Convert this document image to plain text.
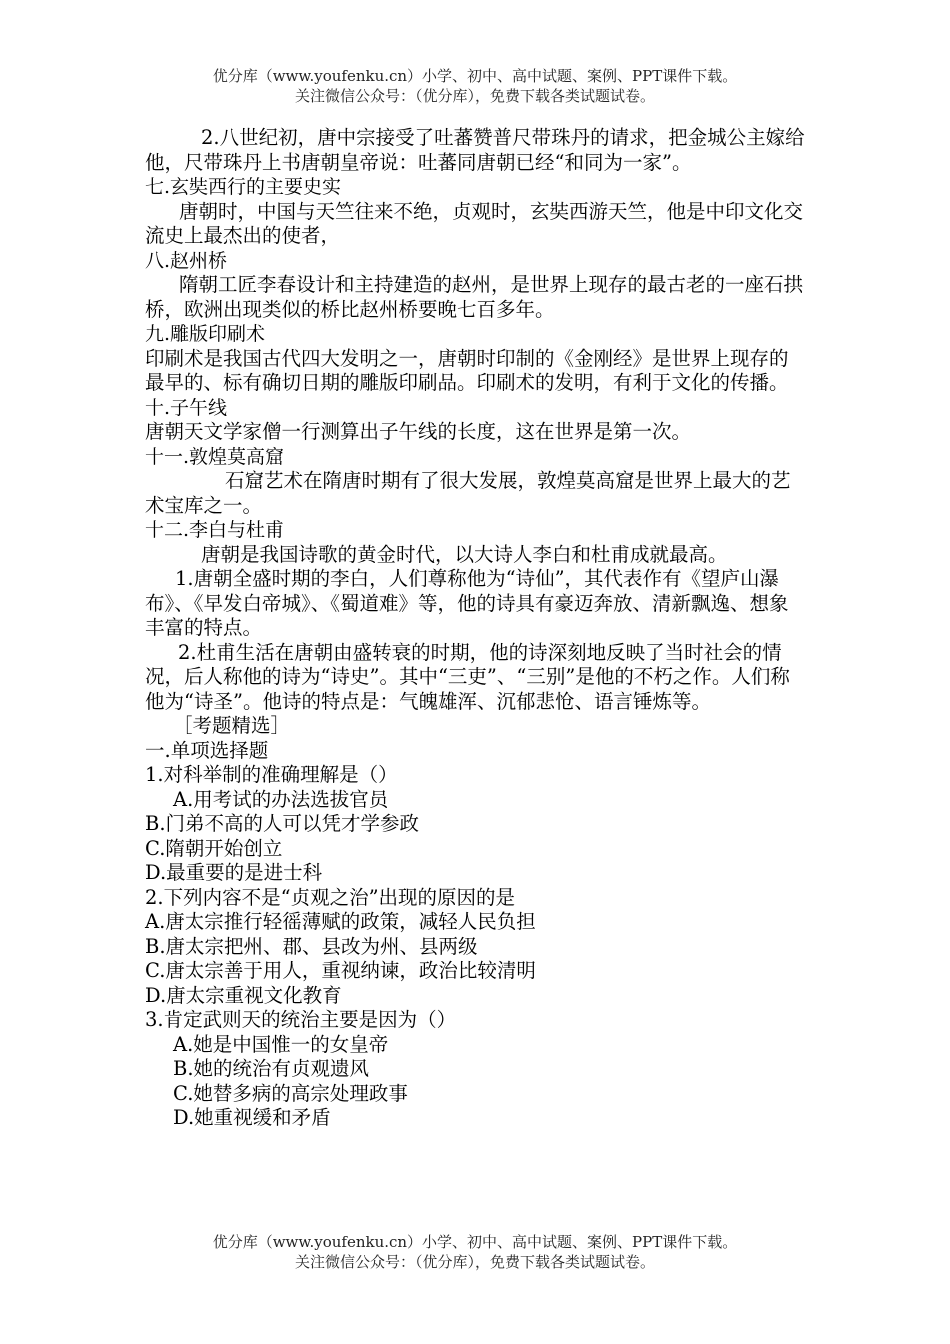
优分库（www.youfenku.cn）小学、初中、高中试题、案例、PPT课件下载。
关注微信公众号：（优分库），免费下载各类试题试卷。

2.八世纪初，唐中宗接受了吐蕃赞普尺带珠丹的请求，把金城公主嫁给他，尺带珠丹上书唐朝皇帝说：吐蕃同唐朝已经“和同为一家”。

七.玄奘西行的主要史实

唐朝时，中国与天竺往来不绝，贞观时，玄奘西游天竺，他是中印文化交流史上最杰出的使者，

八.赵州桥

隋朝工匠李春设计和主持建造的赵州，是世界上现存的最古老的一座石拱桥，欧洲出现类似的桥比赵州桥要晚七百多年。

九.雕版印刷术

印刷术是我国古代四大发明之一，唐朝时印制的《金刚经》是世界上现存的最早的、标有确切日期的雕版印刷品。印刷术的发明，有利于文化的传播。

十.子午线

唐朝天文学家僧一行测算出子午线的长度，这在世界是第一次。

十一.敦煌莫高窟

石窟艺术在隋唐时期有了很大发展，敦煌莫高窟是世界上最大的艺术宝库之一。

十二.李白与杜甫

唐朝是我国诗歌的黄金时代，以大诗人李白和杜甫成就最高。

1.唐朝全盛时期的李白，人们尊称他为“诗仙”，其代表作有《望庐山瀑布》、《早发白帝城》、《蜀道难》等，他的诗具有豪迈奔放、清新飘逸、想象丰富的特点。

2.杜甫生活在唐朝由盛转衰的时期，他的诗深刻地反映了当时社会的情况，后人称他的诗为“诗史”。其中“三吏”、“三别”是他的不朽之作。人们称他为“诗圣”。他诗的特点是：气魄雄浑、沉郁悲怆、语言锤炼等。

［考题精选］

一.单项选择题

1.对科举制的准确理解是（）

A.用考试的办法选拔官员

B.门弟不高的人可以凭才学参政

C.隋朝开始创立

D.最重要的是进士科

2.下列内容不是“贞观之治”出现的原因的是

A.唐太宗推行轻徭薄赋的政策，减轻人民负担

B.唐太宗把州、郡、县改为州、县两级

C.唐太宗善于用人，重视纳谏，政治比较清明

D.唐太宗重视文化教育

3.肯定武则天的统治主要是因为（）

A.她是中国惟一的女皇帝

B.她的统治有贞观遗风

C.她替多病的高宗处理政事

D.她重视缓和矛盾

优分库（www.youfenku.cn）小学、初中、高中试题、案例、PPT课件下载。
关注微信公众号：（优分库），免费下载各类试题试卷。
